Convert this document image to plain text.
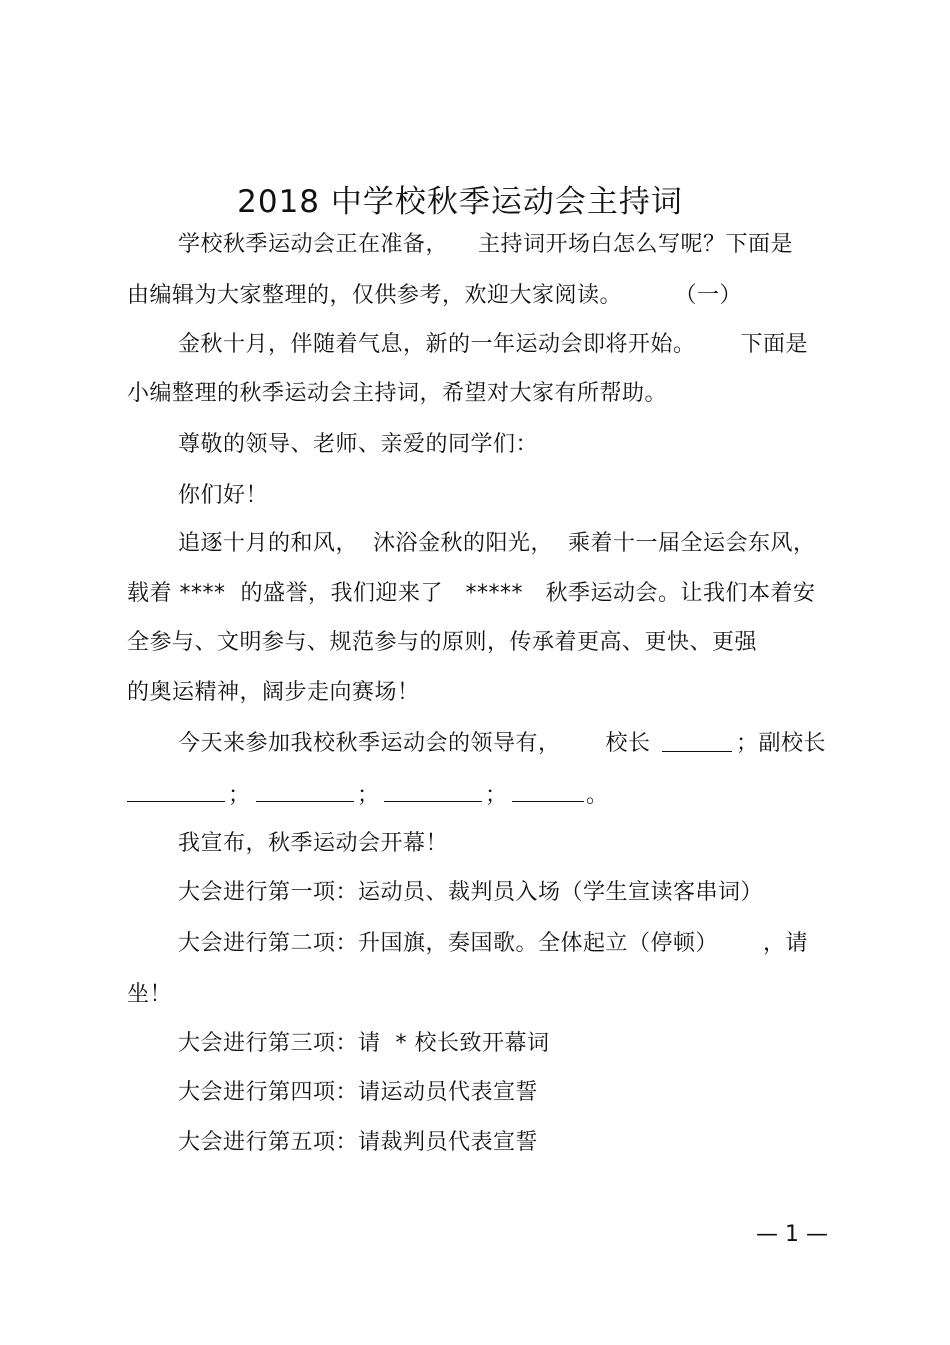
2018 中学校秋季运动会主持词
学校秋季运动会正在准备，    主持词开场白怎么写呢？下面是
由编辑为大家整理的，仅供参考，欢迎大家阅读。       （一）
金秋十月，伴随着气息，新的一年运动会即将开始。      下面是
小编整理的秋季运动会主持词，希望对大家有所帮助。
尊敬的领导、老师、亲爱的同学们：
你们好！
追逐十月的和风，  沐浴金秋的阳光，  乘着十一届全运会东风，
载着 ****  的盛誉，我们迎来了   *****   秋季运动会。让我们本着安
全参与、文明参与、规范参与的原则，传承着更高、更快、更强
的奥运精神，阔步走向赛场！
今天来参加我校秋季运动会的领导有，      校长	；副校长
；	；	；	。
我宣布，秋季运动会开幕！
大会进行第一项：运动员、裁判员入场（学生宣读客串词）
大会进行第二项：升国旗，奏国歌。全体起立（停顿）      ，请
坐！
大会进行第三项：请  * 校长致开幕词
大会进行第四项：请运动员代表宣誓
大会进行第五项：请裁判员代表宣誓
— 1 —
